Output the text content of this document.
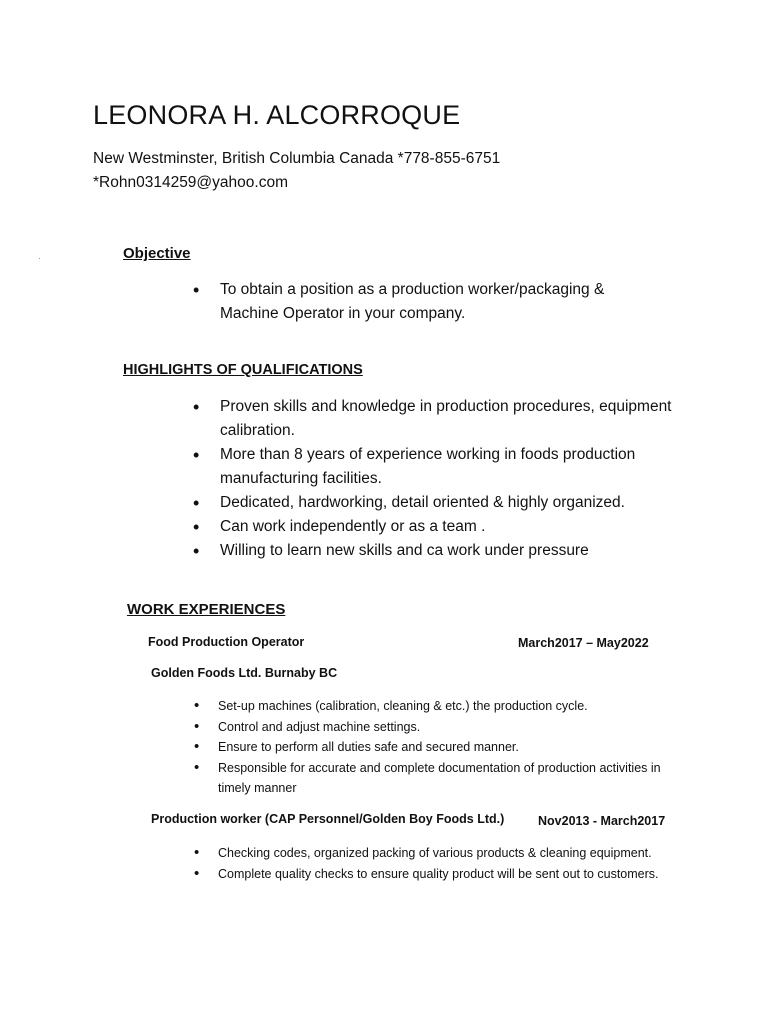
LEONORA H. ALCORROQUE
New Westminster, British Columbia Canada *778-855-6751
*Rohn0314259@yahoo.com
Objective
• To obtain a position as a production worker/packaging & Machine Operator in your company.
HIGHLIGHTS OF QUALIFICATIONS
• Proven skills and knowledge in production procedures, equipment calibration.
• More than 8 years of experience working in foods production manufacturing facilities.
• Dedicated, hardworking, detail oriented & highly organized.
• Can work independently or as a team .
• Willing to learn new skills and ca work under pressure
WORK EXPERIENCES
Food Production Operator	March2017 – May2022
Golden Foods Ltd. Burnaby BC
• Set-up machines (calibration, cleaning & etc.) the production cycle.
• Control and adjust machine settings.
• Ensure to perform all duties safe and secured manner.
• Responsible for accurate and complete documentation of production activities in timely manner
Production worker (CAP Personnel/Golden Boy Foods Ltd.)	Nov2013 - March2017
• Checking codes, organized packing of various products & cleaning equipment.
• Complete quality checks to ensure quality product will be sent out to customers.
